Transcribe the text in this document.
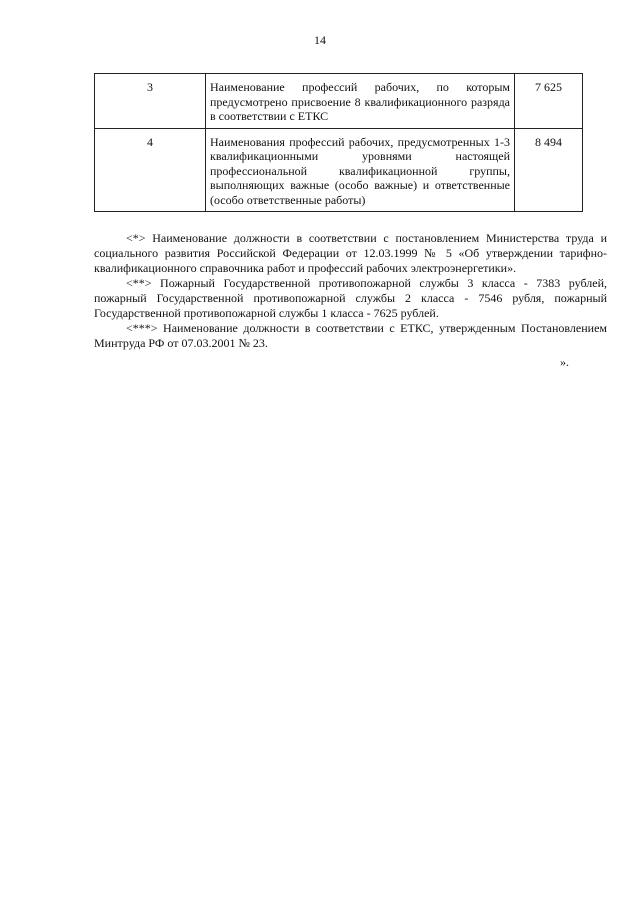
14
3	Наименование профессий рабочих, по которым предусмотрено присвоение 8 квалификационного разряда в соответствии с ЕТКС	7 625
4	Наименования профессий рабочих, предусмотренных 1-3 квалификационными уровнями настоящей профессиональной квалификационной группы, выполняющих важные (особо важные) и ответственные (особо ответственные работы)	8 494

<*> Наименование должности в соответствии с постановлением Министерства труда и социального развития Российской Федерации от 12.03.1999 № 5 «Об утверждении тарифно-квалификационного справочника работ и профессий рабочих электроэнергетики».

<**> Пожарный Государственной противопожарной службы 3 класса - 7383 рублей, пожарный Государственной противопожарной службы 2 класса - 7546 рубля, пожарный Государственной противопожарной службы 1 класса - 7625 рублей.

<***> Наименование должности в соответствии с ЕТКС, утвержденным Постановлением Минтруда РФ от 07.03.2001 № 23.

».
